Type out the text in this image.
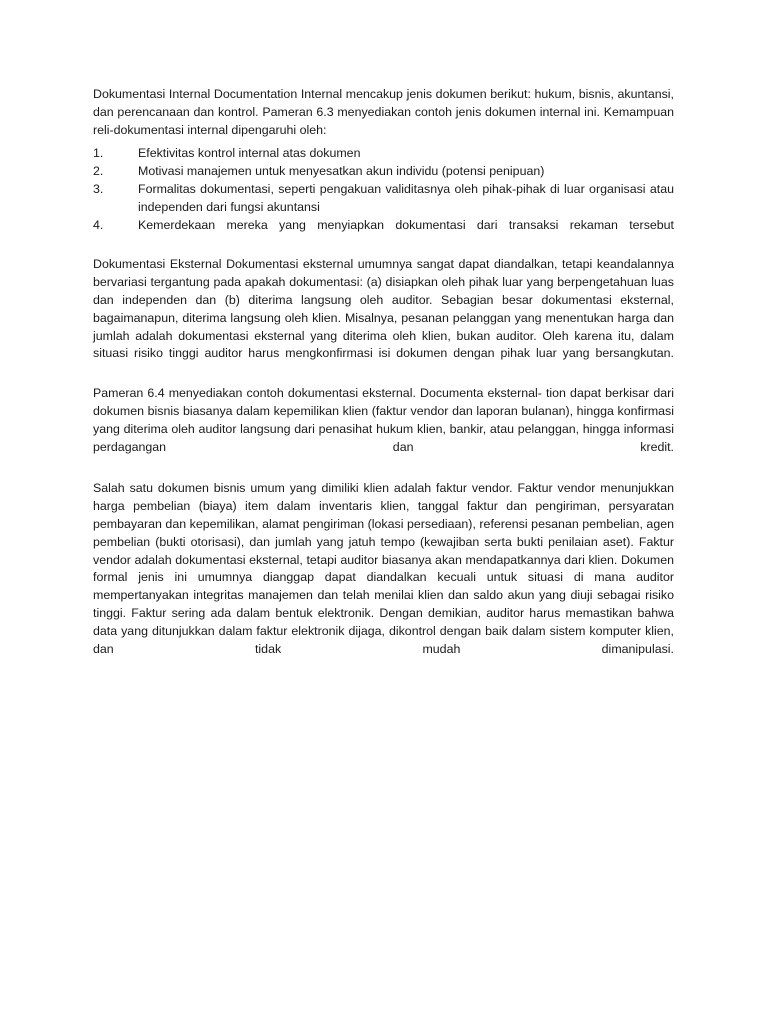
Dokumentasi Internal Documentation Internal mencakup jenis dokumen berikut: hukum, bisnis, akuntansi, dan perencanaan dan kontrol. Pameran 6.3 menyediakan contoh jenis dokumen internal ini. Kemampuan reli-dokumentasi internal dipengaruhi oleh:

1.	Efektivitas kontrol internal atas dokumen
2.	Motivasi manajemen untuk menyesatkan akun individu (potensi penipuan)
3.	Formalitas dokumentasi, seperti pengakuan validitasnya oleh pihak-pihak di luar organisasi atau independen dari fungsi akuntansi
4.	Kemerdekaan mereka yang menyiapkan dokumentasi dari transaksi rekaman tersebut

Dokumentasi Eksternal Dokumentasi eksternal umumnya sangat dapat diandalkan, tetapi keandalannya bervariasi tergantung pada apakah dokumentasi: (a) disiapkan oleh pihak luar yang berpengetahuan luas dan independen dan (b) diterima langsung oleh auditor. Sebagian besar dokumentasi eksternal, bagaimanapun, diterima langsung oleh klien. Misalnya, pesanan pelanggan yang menentukan harga dan jumlah adalah dokumentasi eksternal yang diterima oleh klien, bukan auditor. Oleh karena itu, dalam situasi risiko tinggi auditor harus mengkonfirmasi isi dokumen dengan pihak luar yang bersangkutan.

Pameran 6.4 menyediakan contoh dokumentasi eksternal. Documenta eksternal- tion dapat berkisar dari dokumen bisnis biasanya dalam kepemilikan klien (faktur vendor dan laporan bulanan), hingga konfirmasi yang diterima oleh auditor langsung dari penasihat hukum klien, bankir, atau pelanggan, hingga informasi perdagangan dan kredit.

Salah satu dokumen bisnis umum yang dimiliki klien adalah faktur vendor. Faktur vendor menunjukkan harga pembelian (biaya) item dalam inventaris klien, tanggal faktur dan pengiriman, persyaratan pembayaran dan kepemilikan, alamat pengiriman (lokasi persediaan), referensi pesanan pembelian, agen pembelian (bukti otorisasi), dan jumlah yang jatuh tempo (kewajiban serta bukti penilaian aset). Faktur vendor adalah dokumentasi eksternal, tetapi auditor biasanya akan mendapatkannya dari klien. Dokumen formal jenis ini umumnya dianggap dapat diandalkan kecuali untuk situasi di mana auditor mempertanyakan integritas manajemen dan telah menilai klien dan saldo akun yang diuji sebagai risiko tinggi. Faktur sering ada dalam bentuk elektronik. Dengan demikian, auditor harus memastikan bahwa data yang ditunjukkan dalam faktur elektronik dijaga, dikontrol dengan baik dalam sistem komputer klien, dan tidak mudah dimanipulasi.
